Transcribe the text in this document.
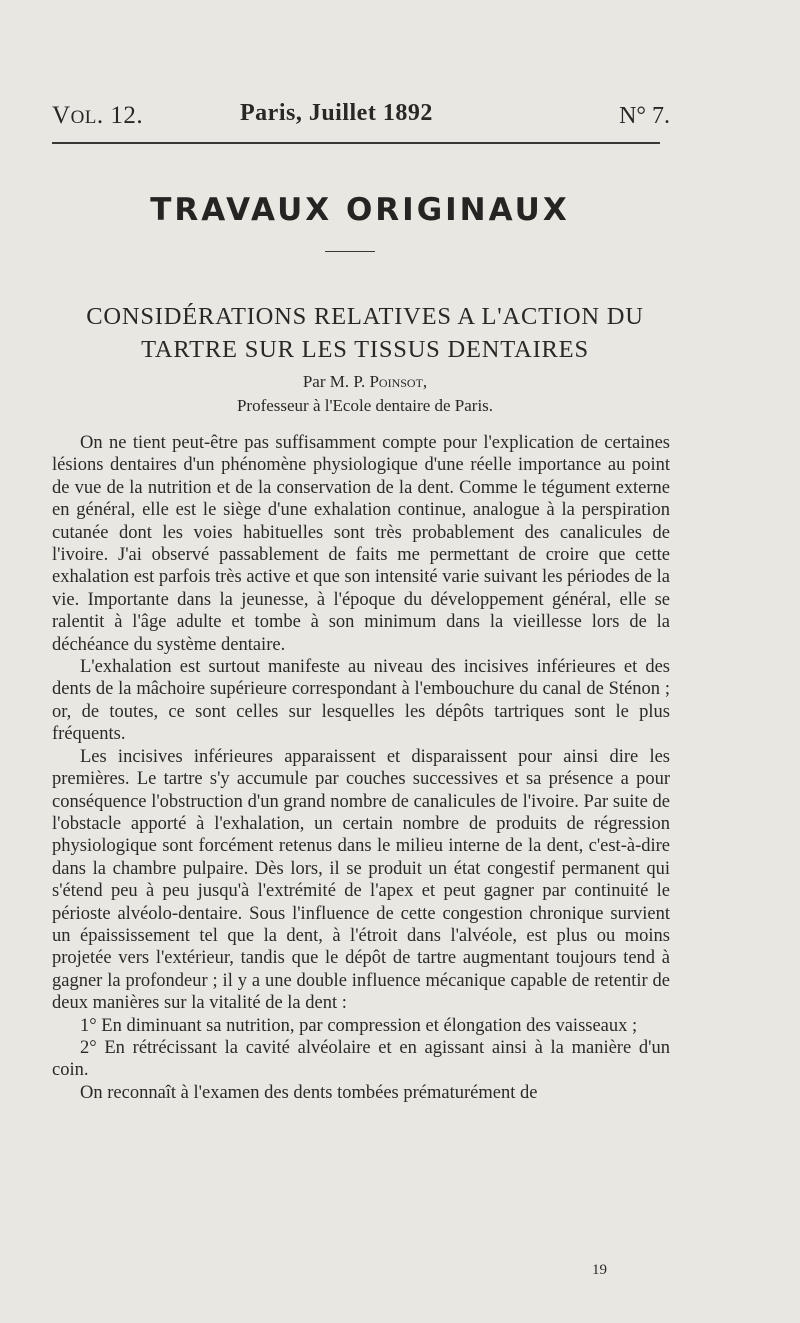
VOL. 12.	Paris, Juillet 1892	N° 7.
TRAVAUX ORIGINAUX
CONSIDÉRATIONS RELATIVES A L'ACTION DU
TARTRE SUR LES TISSUS DENTAIRES
Par M. P. Poinsot,
Professeur à l'Ecole dentaire de Paris.

On ne tient peut-être pas suffisamment compte pour l'explication de certaines lésions dentaires d'un phénomène physiologique d'une réelle importance au point de vue de la nutrition et de la conservation de la dent. Comme le tégument externe en général, elle est le siège d'une exhalation continue, analogue à la perspiration cutanée dont les voies habituelles sont très probablement des canalicules de l'ivoire. J'ai observé passablement de faits me permettant de croire que cette exhalation est parfois très active et que son intensité varie suivant les périodes de la vie. Importante dans la jeunesse, à l'époque du développement général, elle se ralentit à l'âge adulte et tombe à son minimum dans la vieillesse lors de la déchéance du système dentaire.

L'exhalation est surtout manifeste au niveau des incisives inférieures et des dents de la mâchoire supérieure correspondant à l'embouchure du canal de Sténon ; or, de toutes, ce sont celles sur lesquelles les dépôts tartriques sont le plus fréquents.

Les incisives inférieures apparaissent et disparaissent pour ainsi dire les premières. Le tartre s'y accumule par couches successives et sa présence a pour conséquence l'obstruction d'un grand nombre de canalicules de l'ivoire. Par suite de l'obstacle apporté à l'exhalation, un certain nombre de produits de régression physiologique sont forcément retenus dans le milieu interne de la dent, c'est-à-dire dans la chambre pulpaire. Dès lors, il se produit un état congestif permanent qui s'étend peu à peu jusqu'à l'extrémité de l'apex et peut gagner par continuité le périoste alvéolo-dentaire. Sous l'influence de cette congestion chronique survient un épaississement tel que la dent, à l'étroit dans l'alvéole, est plus ou moins projetée vers l'extérieur, tandis que le dépôt de tartre augmentant toujours tend à gagner la profondeur ; il y a une double influence mécanique capable de retentir de deux manières sur la vitalité de la dent :

1° En diminuant sa nutrition, par compression et élongation des vaisseaux ;

2° En rétrécissant la cavité alvéolaire et en agissant ainsi à la manière d'un coin.

On reconnaît à l'examen des dents tombées prématurément de

19
